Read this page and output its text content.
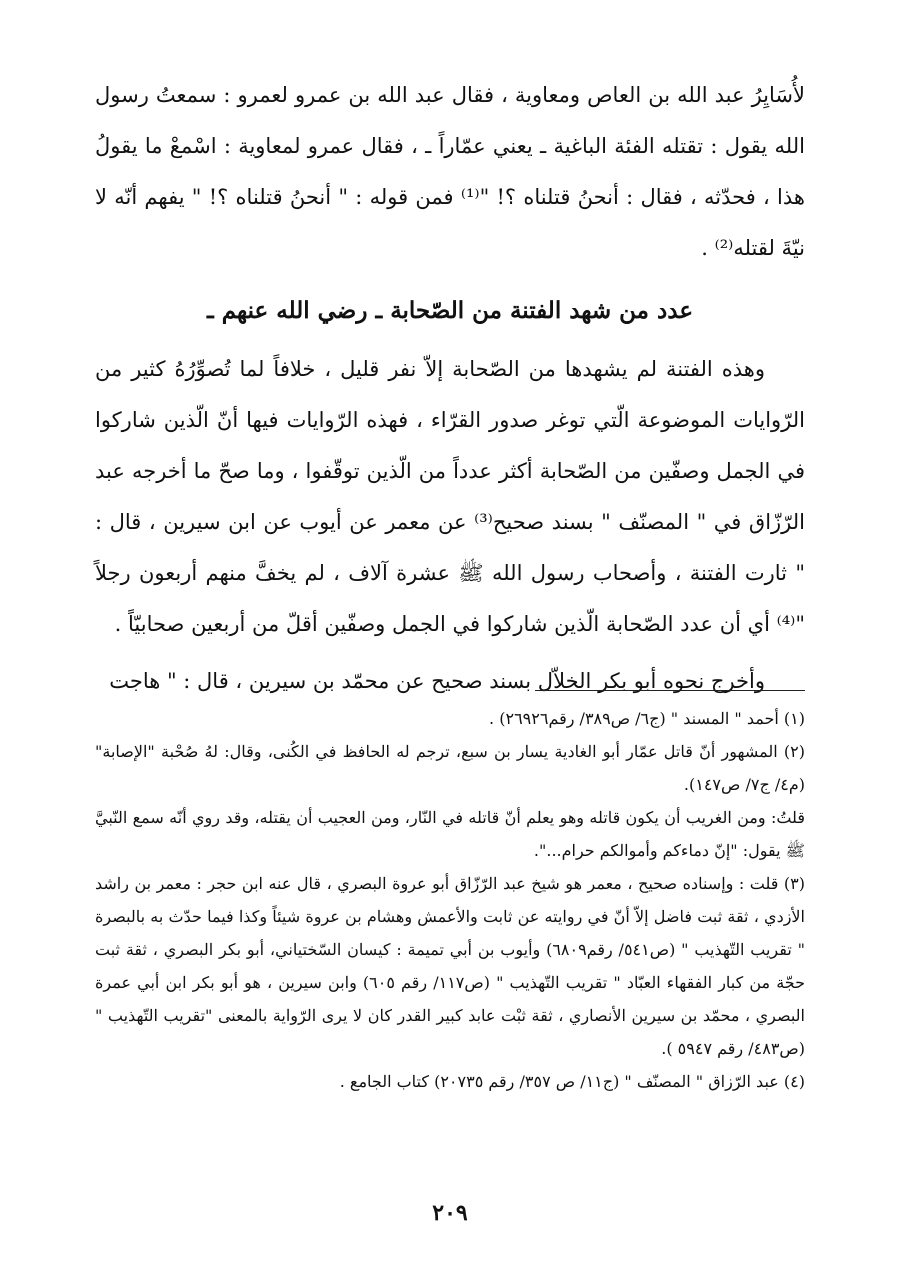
لأُسَايِرُ عبد الله بن العاص ومعاوية ، فقال عبد الله بن عمرو لعمرو : سمعتُ رسول الله يقول : تقتله الفئة الباغية ـ يعني عمّاراً ـ ، فقال عمرو لمعاوية : اسْمعْ ما يقولُ هذا ، فحدّثه ، فقال : أنحنُ قتلناه ؟! "⁽¹⁾ فمن قوله : " أنحنُ قتلناه ؟! " يفهم أنّه لا نيّةَ لقتله⁽²⁾ .

عدد من شهد الفتنة من الصّحابة ـ رضي الله عنهم ـ

وهذه الفتنة لم يشهدها من الصّحابة إلاّ نفر قليل ، خلافاً لما تُصوِّرُهُ كثير من الرّوايات الموضوعة الّتي توغر صدور القرّاء ، فهذه الرّوايات فيها أنّ الّذين شاركوا في الجمل وصفّين من الصّحابة أكثر عدداً من الّذين توقّفوا ، وما صحّ ما أخرجه عبد الرّزّاق في " المصنّف " بسند صحيح⁽³⁾ عن معمر عن أيوب عن ابن سيرين ، قال : " ثارت الفتنة ، وأصحاب رسول الله ﷺ عشرة آلاف ، لم يخفَّ منهم أربعون رجلاً "⁽⁴⁾ أي أن عدد الصّحابة الّذين شاركوا في الجمل وصفّين أقلّ من أربعين صحابيّاً .

وأخرج نحوه أبو بكر الخلاّل بسند صحيح عن محمّد بن سيرين ، قال : " هاجت

(١) أحمد " المسند " (ج٦/ ص٣٨٩/ رقم٢٦٩٢٦) .

(٢) المشهور أنّ قاتل عمّار أبو الغادية يسار بن سبع، ترجم له الحافظ في الكُنى، وقال: لهُ صُحْبة "الإصابة" (م٤/ ج٧/ ص١٤٧).

قلتُ: ومن الغريب أن يكون قاتله وهو يعلم أنّ قاتله في النّار، ومن العجيب أن يقتله، وقد روي أنّه سمع النّبيَّ ﷺ يقول: "إنّ دماءكم وأموالكم حرام...".

(٣) قلت : وإسناده صحيح ، معمر هو شيخ عبد الرّزّاق أبو عروة البصري ، قال عنه ابن حجر : معمر بن راشد الأزدي ، ثقة ثبت فاضل إلاّ أنّ في روايته عن ثابت والأعمش وهشام بن عروة شيئاً وكذا فيما حدّث به بالبصرة " تقريب التّهذيب " (ص٥٤١/ رقم٦٨٠٩) وأيوب بن أبي تميمة : كيسان السّختياني، أبو بكر البصري ، ثقة ثبت حجّة من كبار الفقهاء العبّاد " تقريب التّهذيب " (ص١١٧/ رقم ٦٠٥) وابن سيرين ، هو أبو بكر ابن أبي عمرة البصري ، محمّد بن سيرين الأنصاري ، ثقة ثبْت عابد كبير القدر كان لا يرى الرّواية بالمعنى "تقريب التّهذيب " (ص٤٨٣/ رقم ٥٩٤٧ ).

(٤) عبد الرّزاق " المصنّف " (ج١١/ ص ٣٥٧/ رقم ٢٠٧٣٥) كتاب الجامع .

٢٠٩
